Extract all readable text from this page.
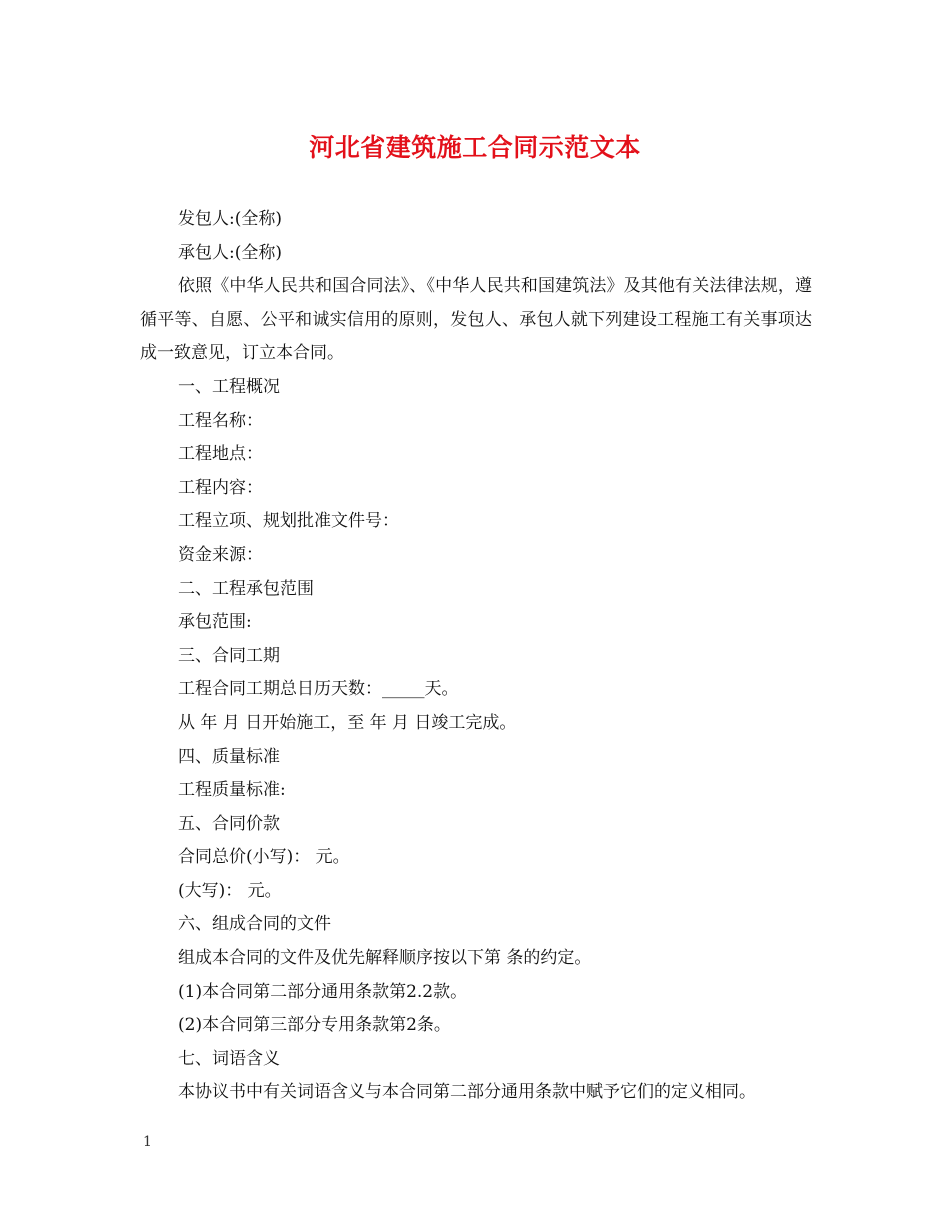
河北省建筑施工合同示范文本
发包人:(全称)
承包人:(全称)
依照《中华人民共和国合同法》、《中华人民共和国建筑法》及其他有关法律法规，遵循平等、自愿、公平和诚实信用的原则，发包人、承包人就下列建设工程施工有关事项达成一致意见，订立本合同。
一、工程概况
工程名称：
工程地点：
工程内容：
工程立项、规划批准文件号：
资金来源：
二、工程承包范围
承包范围:
三、合同工期
工程合同工期总日历天数：_____天。
从 年 月 日开始施工，至 年 月 日竣工完成。
四、质量标准
工程质量标准:
五、合同价款
合同总价(小写)： 元。
(大写)： 元。
六、组成合同的文件
组成本合同的文件及优先解释顺序按以下第 条的约定。
(1)本合同第二部分通用条款第2.2款。
(2)本合同第三部分专用条款第2条。
七、词语含义
本协议书中有关词语含义与本合同第二部分通用条款中赋予它们的定义相同。
1
